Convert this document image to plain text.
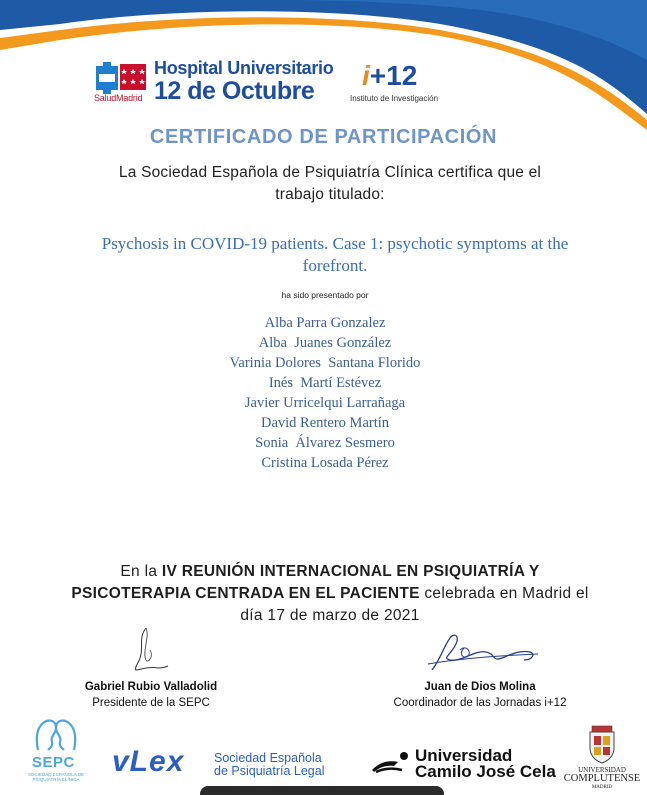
SaludMadrid
Hospital Universitario
12 de Octubre i+12
Instituto de Investigación
CERTIFICADO DE PARTICIPACIÓN
La Sociedad Española de Psiquiatría Clínica certifica que el
trabajo titulado:
Psychosis in COVID-19 patients. Case 1: psychotic symptoms at the
forefront.
ha sido presentado por
Alba Parra Gonzalez
Alba  Juanes González
Varinia Dolores  Santana Florido
Inés  Martí Estévez
Javier Urricelqui Larrañaga
David Rentero Martín
Sonia  Álvarez Sesmero
Cristina Losada Pérez
En la IV REUNIÓN INTERNACIONAL EN PSIQUIATRÍA Y
PSICOTERAPIA CENTRADA EN EL PACIENTE celebrada en Madrid el
día 17 de marzo de 2021
Gabriel Rubio Valladolid
Presidente de la SEPC
Juan de Dios Molina
Coordinador de las Jornadas i+12
SEPC
SOCIEDAD ESPAÑOLA DE PSIQUIATRÍA CLÍNICA
vLex	Sociedad Española
de Psiquiatría Legal
Universidad
Camilo José Cela	UNIVERSIDAD
COMPLUTENSE
MADRID
